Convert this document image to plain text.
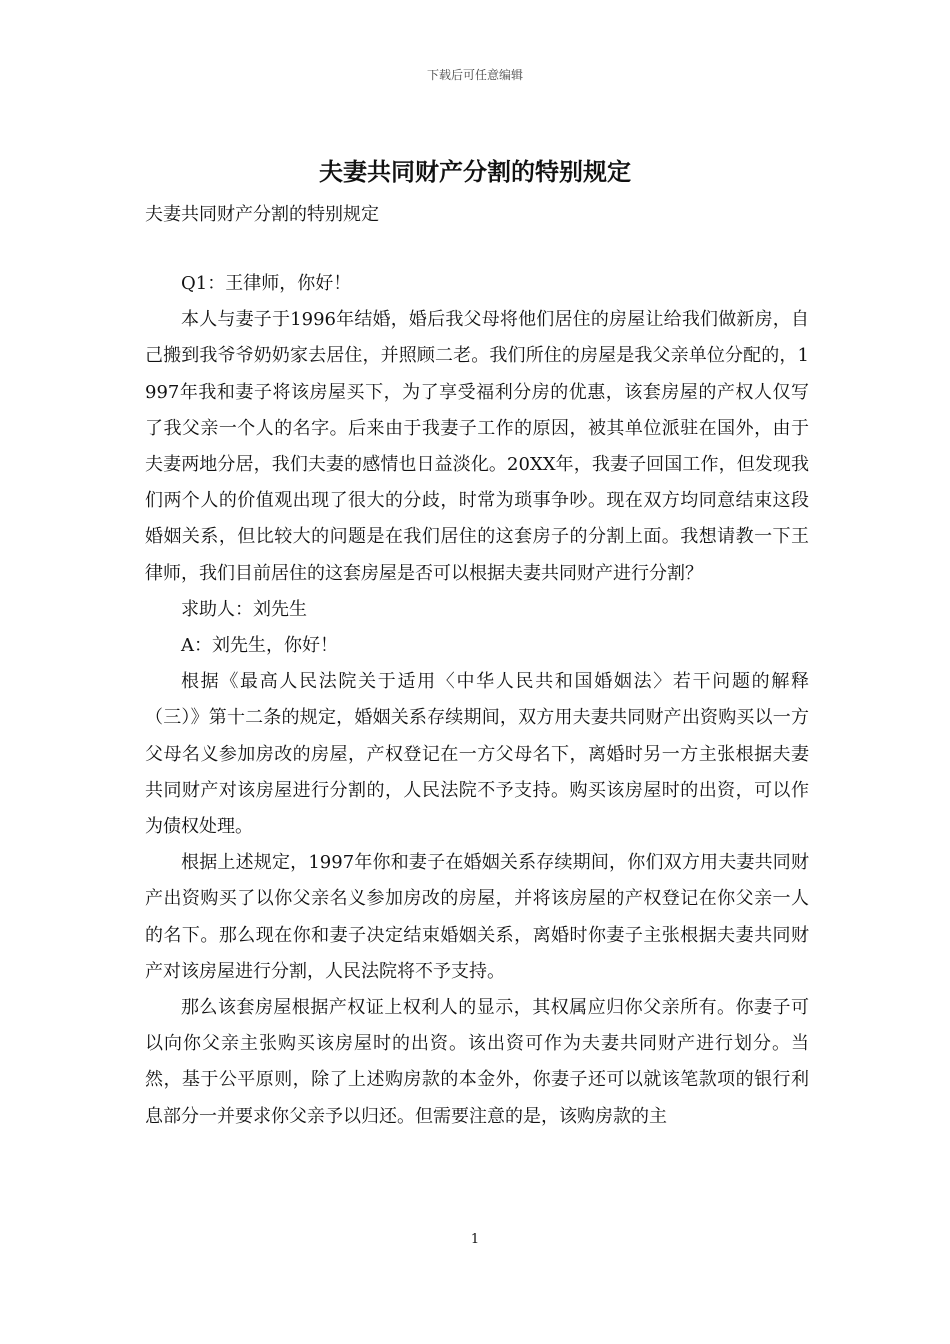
下载后可任意编辑
夫妻共同财产分割的特别规定
夫妻共同财产分割的特别规定

Q1：王律师，你好！

本人与妻子于1996年结婚，婚后我父母将他们居住的房屋让给我们做新房，自己搬到我爷爷奶奶家去居住，并照顾二老。我们所住的房屋是我父亲单位分配的，1997年我和妻子将该房屋买下，为了享受福利分房的优惠，该套房屋的产权人仅写了我父亲一个人的名字。后来由于我妻子工作的原因，被其单位派驻在国外，由于夫妻两地分居，我们夫妻的感情也日益淡化。20XX年，我妻子回国工作，但发现我们两个人的价值观出现了很大的分歧，时常为琐事争吵。现在双方均同意结束这段婚姻关系，但比较大的问题是在我们居住的这套房子的分割上面。我想请教一下王律师，我们目前居住的这套房屋是否可以根据夫妻共同财产进行分割？

求助人：刘先生

A：刘先生，你好！

根据《最高人民法院关于适用〈中华人民共和国婚姻法〉若干问题的解释（三）》第十二条的规定，婚姻关系存续期间，双方用夫妻共同财产出资购买以一方父母名义参加房改的房屋，产权登记在一方父母名下，离婚时另一方主张根据夫妻共同财产对该房屋进行分割的，人民法院不予支持。购买该房屋时的出资，可以作为债权处理。

根据上述规定，1997年你和妻子在婚姻关系存续期间，你们双方用夫妻共同财产出资购买了以你父亲名义参加房改的房屋，并将该房屋的产权登记在你父亲一人的名下。那么现在你和妻子决定结束婚姻关系，离婚时你妻子主张根据夫妻共同财产对该房屋进行分割，人民法院将不予支持。

那么该套房屋根据产权证上权利人的显示，其权属应归你父亲所有。你妻子可以向你父亲主张购买该房屋时的出资。该出资可作为夫妻共同财产进行划分。当然，基于公平原则，除了上述购房款的本金外，你妻子还可以就该笔款项的银行利息部分一并要求你父亲予以归还。但需要注意的是，该购房款的主

1
